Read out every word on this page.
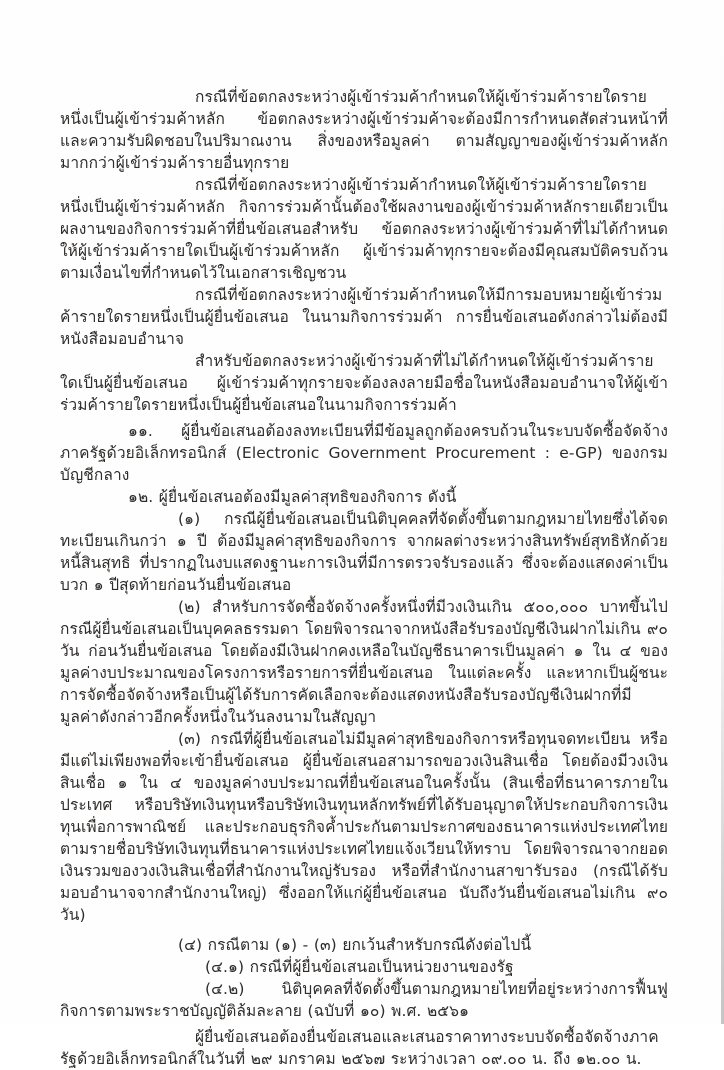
กรณีที่ข้อตกลงระหว่างผู้เข้าร่วมค้ากำหนดให้ผู้เข้าร่วมค้ารายใดรายหนึ่งเป็นผู้เข้าร่วมค้าหลัก ข้อตกลงระหว่างผู้เข้าร่วมค้าจะต้องมีการกำหนดสัดส่วนหน้าที่และความรับผิดชอบในปริมาณงาน สิ่งของหรือมูลค่า ตามสัญญาของผู้เข้าร่วมค้าหลักมากกว่าผู้เข้าร่วมค้ารายอื่นทุกราย

กรณีที่ข้อตกลงระหว่างผู้เข้าร่วมค้ากำหนดให้ผู้เข้าร่วมค้ารายใดรายหนึ่งเป็นผู้เข้าร่วมค้าหลัก กิจการร่วมค้านั้นต้องใช้ผลงานของผู้เข้าร่วมค้าหลักรายเดียวเป็นผลงานของกิจการร่วมค้าที่ยื่นข้อเสนอสำหรับ ข้อตกลงระหว่างผู้เข้าร่วมค้าที่ไม่ได้กำหนดให้ผู้เข้าร่วมค้ารายใดเป็นผู้เข้าร่วมค้าหลัก ผู้เข้าร่วมค้าทุกรายจะต้องมีคุณสมบัติครบถ้วนตามเงื่อนไขที่กำหนดไว้ในเอกสารเชิญชวน

กรณีที่ข้อตกลงระหว่างผู้เข้าร่วมค้ากำหนดให้มีการมอบหมายผู้เข้าร่วมค้ารายใดรายหนึ่งเป็นผู้ยื่นข้อเสนอ ในนามกิจการร่วมค้า การยื่นข้อเสนอดังกล่าวไม่ต้องมีหนังสือมอบอำนาจ

สำหรับข้อตกลงระหว่างผู้เข้าร่วมค้าที่ไม่ได้กำหนดให้ผู้เข้าร่วมค้ารายใดเป็นผู้ยื่นข้อเสนอ ผู้เข้าร่วมค้าทุกรายจะต้องลงลายมือชื่อในหนังสือมอบอำนาจให้ผู้เข้าร่วมค้ารายใดรายหนึ่งเป็นผู้ยื่นข้อเสนอในนามกิจการร่วมค้า

๑๑. ผู้ยื่นข้อเสนอต้องลงทะเบียนที่มีข้อมูลถูกต้องครบถ้วนในระบบจัดซื้อจัดจ้างภาครัฐด้วยอิเล็กทรอนิกส์ (Electronic Government Procurement : e-GP) ของกรมบัญชีกลาง

๑๒. ผู้ยื่นข้อเสนอต้องมีมูลค่าสุทธิของกิจการ ดังนี้

(๑) กรณีผู้ยื่นข้อเสนอเป็นนิติบุคคลที่จัดตั้งขึ้นตามกฎหมายไทยซึ่งได้จดทะเบียนเกินกว่า ๑ ปี ต้องมีมูลค่าสุทธิของกิจการ จากผลต่างระหว่างสินทรัพย์สุทธิหักด้วยหนี้สินสุทธิ ที่ปรากฏในงบแสดงฐานะการเงินที่มีการตรวจรับรองแล้ว ซึ่งจะต้องแสดงค่าเป็นบวก ๑ ปีสุดท้ายก่อนวันยื่นข้อเสนอ

(๒) สำหรับการจัดซื้อจัดจ้างครั้งหนึ่งที่มีวงเงินเกิน ๕๐๐,๐๐๐ บาทขึ้นไป กรณีผู้ยื่นข้อเสนอเป็นบุคคลธรรมดา โดยพิจารณาจากหนังสือรับรองบัญชีเงินฝากไม่เกิน ๙๐ วัน ก่อนวันยื่นข้อเสนอ โดยต้องมีเงินฝากคงเหลือในบัญชีธนาคารเป็นมูลค่า ๑ ใน ๔ ของมูลค่างบประมาณของโครงการหรือรายการที่ยื่นข้อเสนอ ในแต่ละครั้ง และหากเป็นผู้ชนะการจัดซื้อจัดจ้างหรือเป็นผู้ได้รับการคัดเลือกจะต้องแสดงหนังสือรับรองบัญชีเงินฝากที่มีมูลค่าดังกล่าวอีกครั้งหนึ่งในวันลงนามในสัญญา

(๓) กรณีที่ผู้ยื่นข้อเสนอไม่มีมูลค่าสุทธิของกิจการหรือทุนจดทะเบียน หรือมีแต่ไม่เพียงพอที่จะเข้ายื่นข้อเสนอ ผู้ยื่นข้อเสนอสามารถขอวงเงินสินเชื่อ โดยต้องมีวงเงินสินเชื่อ ๑ ใน ๔ ของมูลค่างบประมาณที่ยื่นข้อเสนอในครั้งนั้น (สินเชื่อที่ธนาคารภายในประเทศ หรือบริษัทเงินทุนหรือบริษัทเงินทุนหลักทรัพย์ที่ได้รับอนุญาตให้ประกอบกิจการเงินทุนเพื่อการพาณิชย์ และประกอบธุรกิจค้ำประกันตามประกาศของธนาคารแห่งประเทศไทย ตามรายชื่อบริษัทเงินทุนที่ธนาคารแห่งประเทศไทยแจ้งเวียนให้ทราบ โดยพิจารณาจากยอดเงินรวมของวงเงินสินเชื่อที่สำนักงานใหญ่รับรอง หรือที่สำนักงานสาขารับรอง (กรณีได้รับมอบอำนาจจากสำนักงานใหญ่) ซึ่งออกให้แก่ผู้ยื่นข้อเสนอ นับถึงวันยื่นข้อเสนอไม่เกิน ๙๐ วัน)

(๔) กรณีตาม (๑) - (๓) ยกเว้นสำหรับกรณีดังต่อไปนี้

(๔.๑) กรณีที่ผู้ยื่นข้อเสนอเป็นหน่วยงานของรัฐ

(๔.๒) นิติบุคคลที่จัดตั้งขึ้นตามกฎหมายไทยที่อยู่ระหว่างการฟื้นฟูกิจการตามพระราชบัญญัติล้มละลาย (ฉบับที่ ๑๐) พ.ศ. ๒๕๖๑

ผู้ยื่นข้อเสนอต้องยื่นข้อเสนอและเสนอราคาทางระบบจัดซื้อจัดจ้างภาครัฐด้วยอิเล็กทรอนิกส์ในวันที่ ๒๙ มกราคม ๒๕๖๗ ระหว่างเวลา ๐๙.๐๐ น. ถึง ๑๒.๐๐ น.
